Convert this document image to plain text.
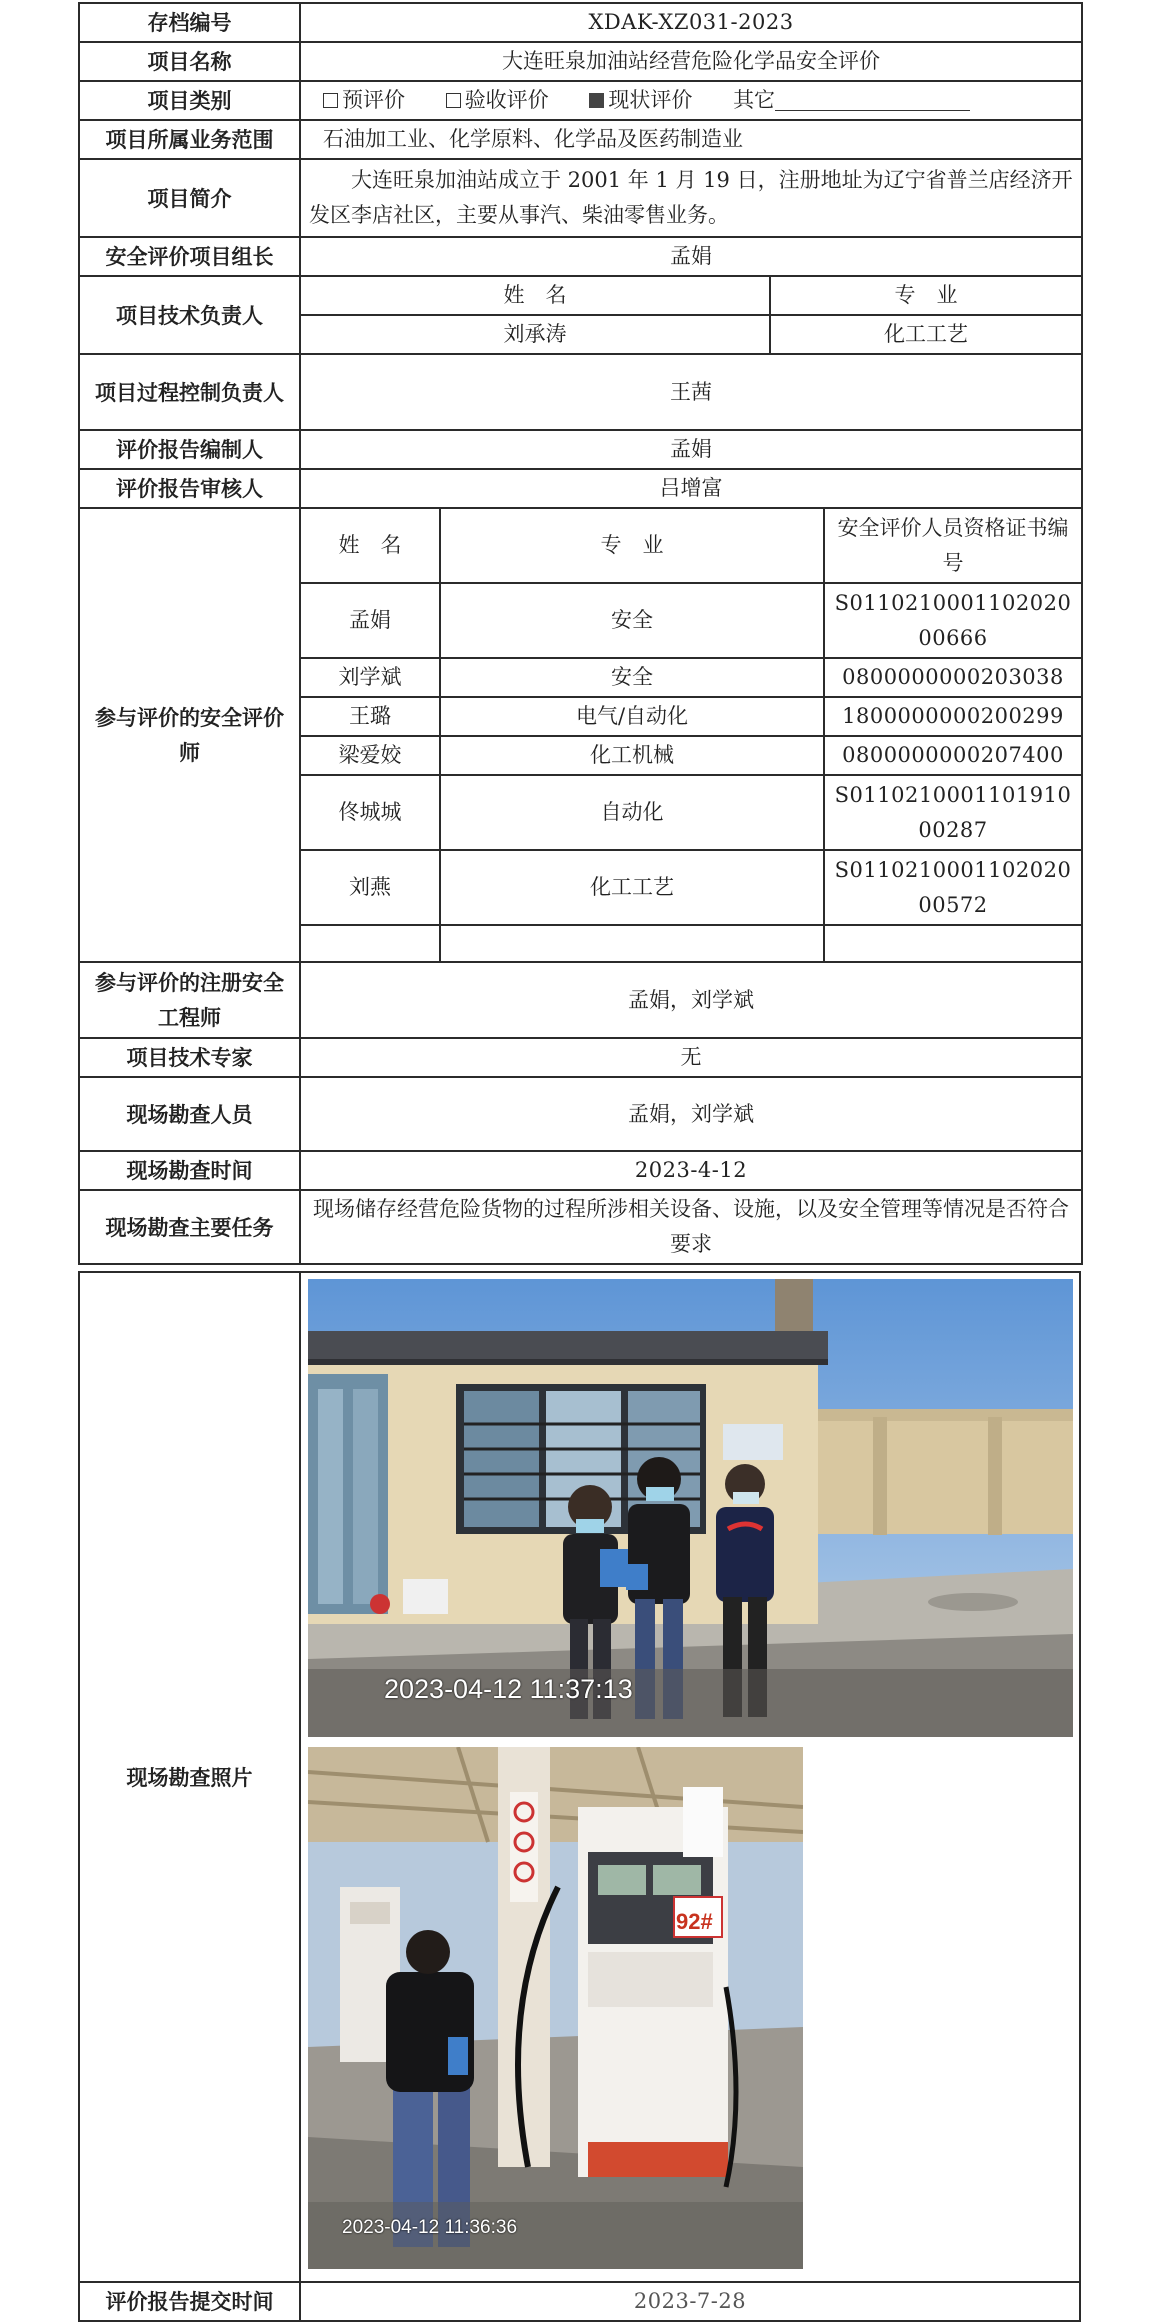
存档编号	XDAK-XZ031-2023
项目名称	大连旺泉加油站经营危险化学品安全评价
项目类别	预评价	验收评价	现状评价 其它
项目所属业务范围	石油加工业、化学原料、化学品及医药制造业
项目简介	大连旺泉加油站成立于 2001 年 1 月 19 日，注册地址为辽宁省普兰店经济开发区李店社区，主要从事汽、柴油零售业务。
安全评价项目组长	孟娟
项目技术负责人	
姓　名	专　业
刘承涛	化工工艺

项目过程控制负责人	王茜
评价报告编制人	孟娟
评价报告审核人	吕增富
参与评价的安全评价师	姓　名	专　业	安全评价人员资格证书编号
孟娟	安全	S011021000110202000666
刘学斌	安全	0800000000203038
王璐	电气/自动化	1800000000200299
梁爱姣	化工机械	0800000000207400
佟城城	自动化	S011021000110191000287
刘燕	化工工艺	S011021000110202000572

参与评价的注册安全工程师	孟娟，刘学斌
项目技术专家	无
现场勘查人员	孟娟，刘学斌
现场勘查时间	2023-4-12
现场勘查主要任务	现场储存经营危险货物的过程所涉相关设备、设施，以及安全管理等情况是否符合要求
现场勘查照片	2023-04-12 11:37:13
92#
2023-04-12 11:36:36

评价报告提交时间	2023-7-28
